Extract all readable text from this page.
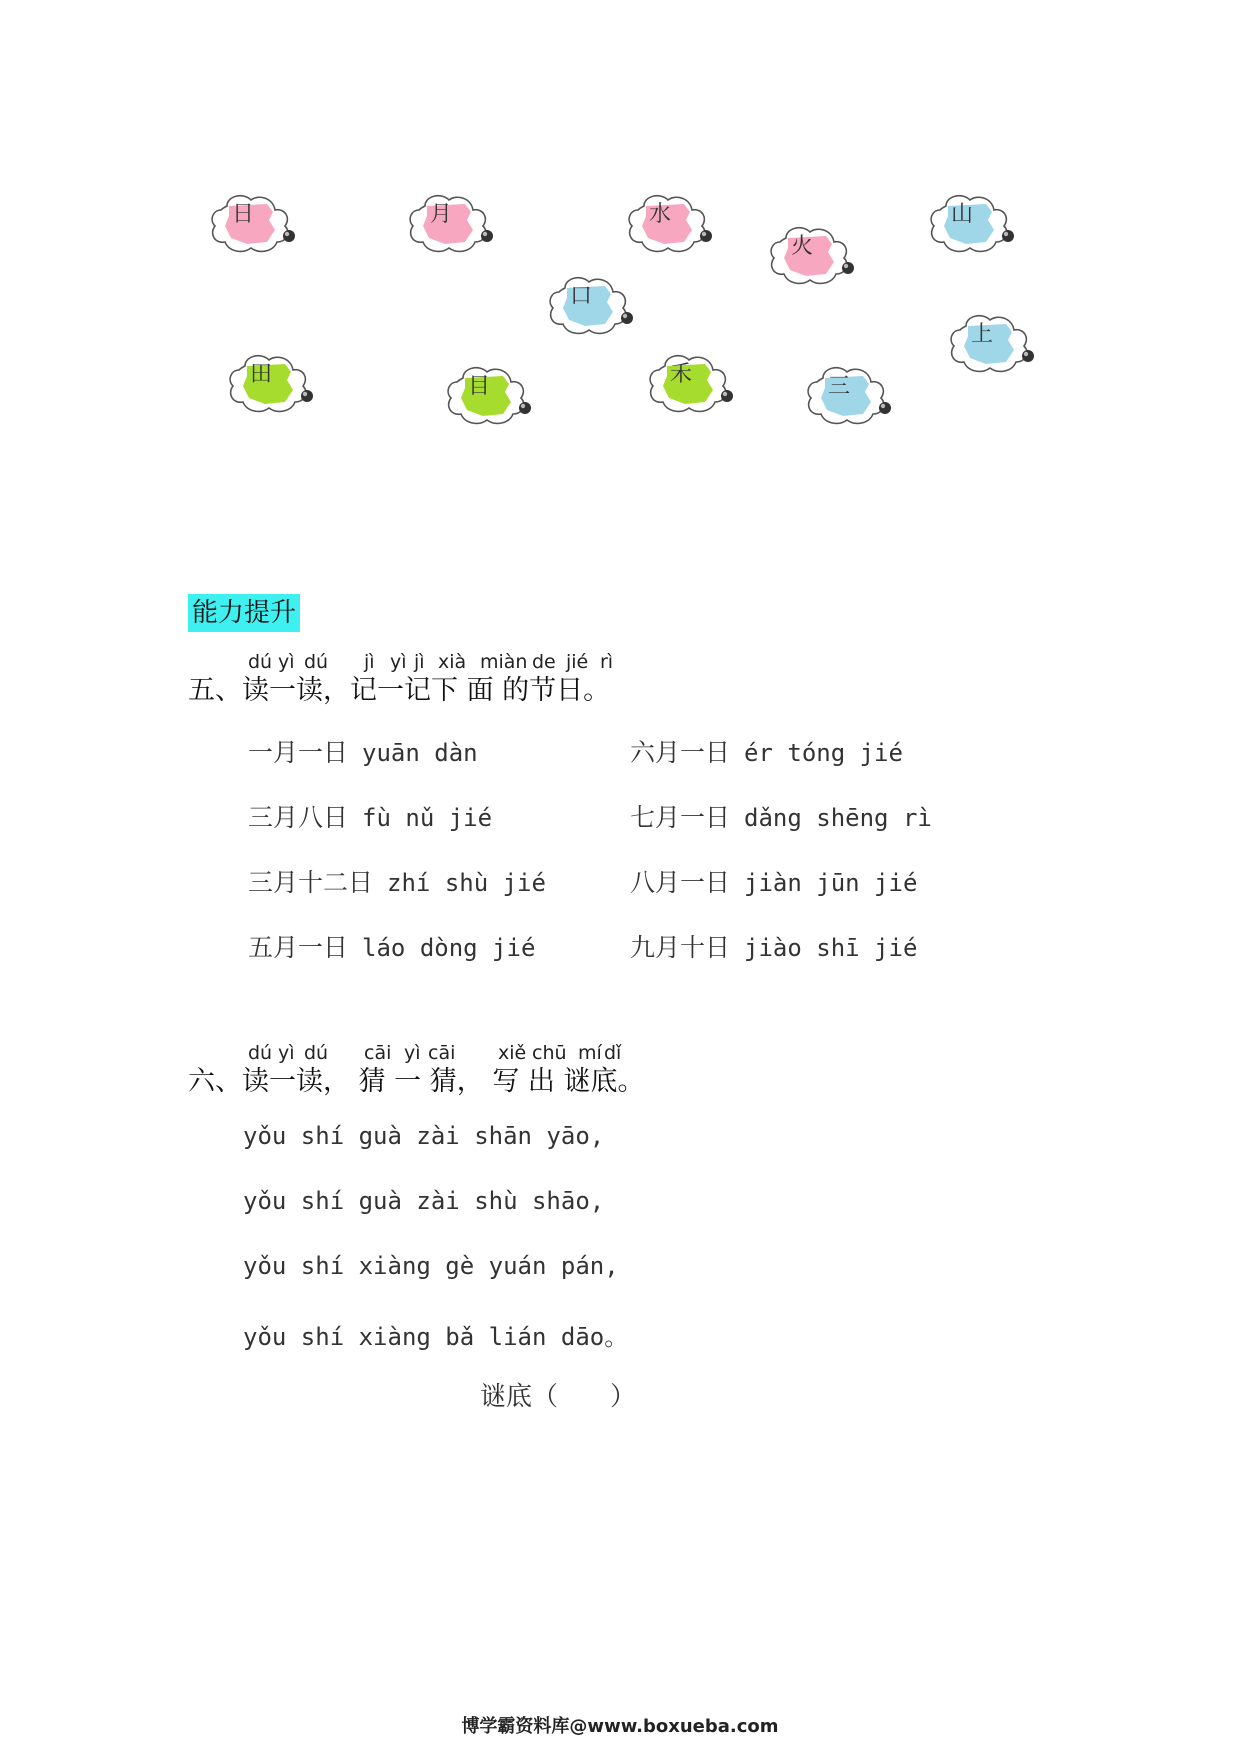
日	月	水
火
山
口
上
田	目	禾	三
能力提升
dú yì dú jì yì jì xià miàn de jié rì
五、读一读，记一记下 面 的节日。
一月一日 yuān dàn	六月一日 ér tóng jié
三月八日 fù nǔ jié	七月一日 dǎng shēng rì
三月十二日 zhí shù jié	八月一日 jiàn jūn jié
五月一日 láo dòng jié	九月十日 jiào shī jié
dú yì dú cāi yì cāi xiě chū mí dǐ
六、读一读， 猜 一 猜， 写 出 谜底。
yǒu shí guà zài shān yāo,
yǒu shí guà zài shù shāo,
yǒu shí xiàng gè yuán pán,
yǒu shí xiàng bǎ lián dāo。
谜底（　　）
博学霸资料库@www.boxueba.com
